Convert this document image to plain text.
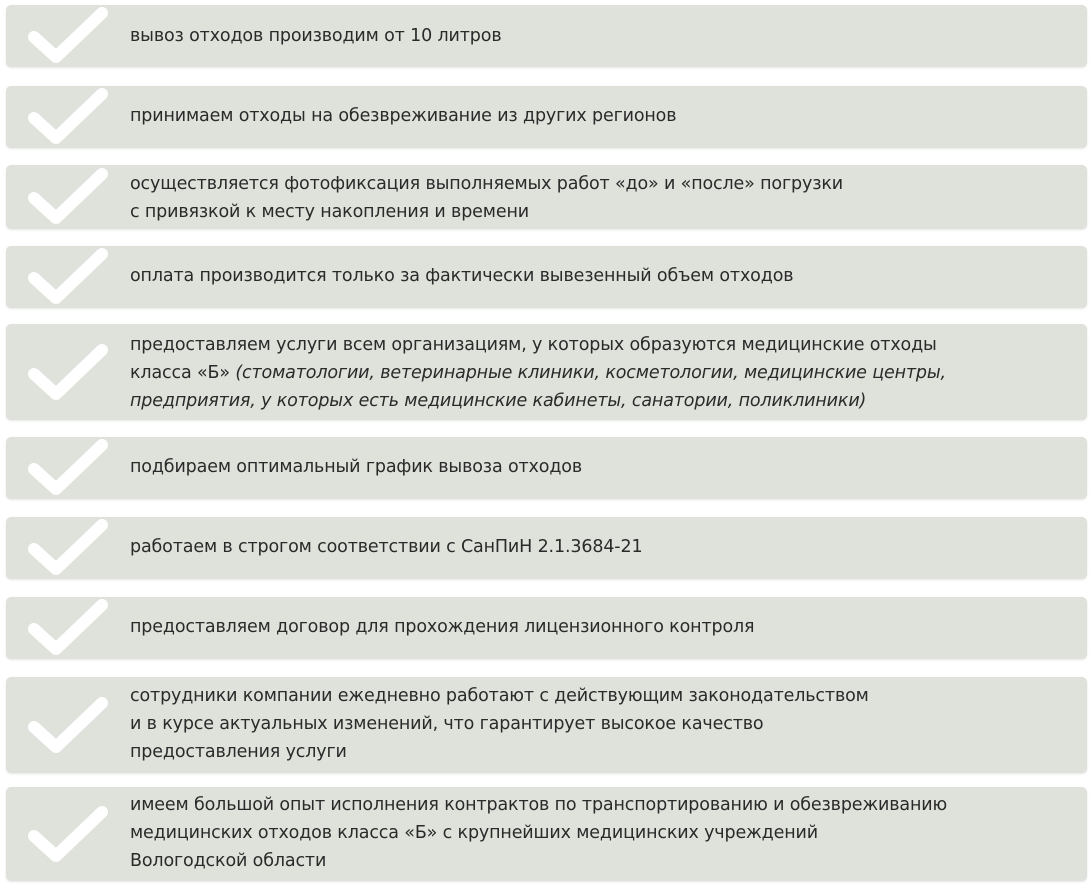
вывоз отходов производим от 10 литров
принимаем отходы на обезвреживание из других регионов
осуществляется фотофиксация выполняемых работ «до» и «после» погрузки
с привязкой к месту накопления и времени
оплата производится только за фактически вывезенный объем отходов
предоставляем услуги всем организациям, у которых образуются медицинские отходы
класса «Б» (стоматологии, ветеринарные клиники, косметологии, медицинские центры,
предприятия, у которых есть медицинские кабинеты, санатории, поликлиники)
подбираем оптимальный график вывоза отходов
работаем в строгом соответствии с СанПиН 2.1.3684-21
предоставляем договор для прохождения лицензионного контроля
сотрудники компании ежедневно работают с действующим законодательством
и в курсе актуальных изменений, что гарантирует высокое качество
предоставления услуги
имеем большой опыт исполнения контрактов по транспортированию и обезвреживанию
медицинских отходов класса «Б» с крупнейших медицинских учреждений
Вологодской области
